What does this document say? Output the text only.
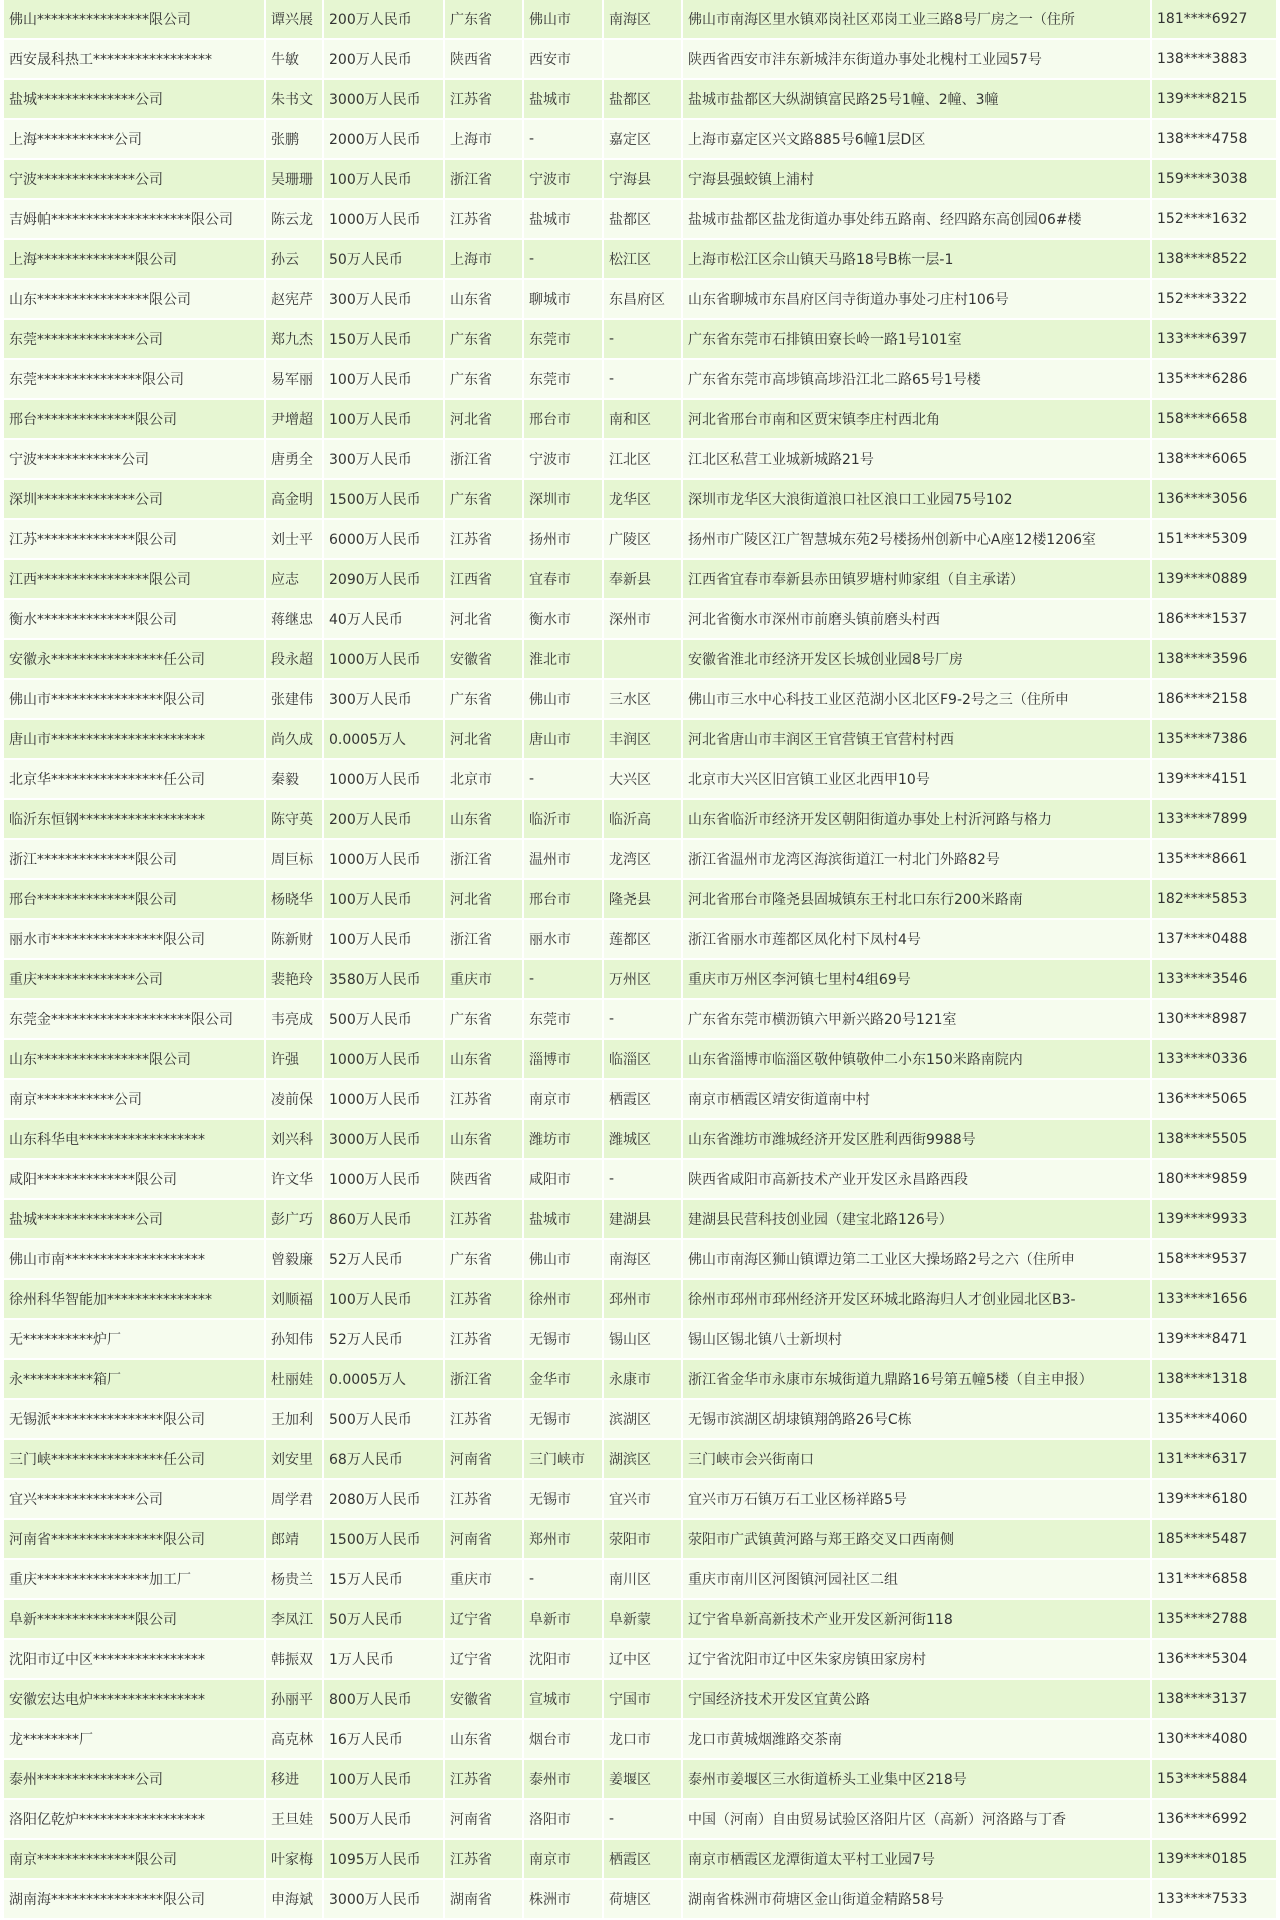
佛山****************限公司	谭兴展	200万人民币	广东省	佛山市	南海区	佛山市南海区里水镇邓岗社区邓岗工业三路8号厂房之一（住所	181****6927
西安晟科热工*****************	牛敏	200万人民币	陕西省	西安市		陕西省西安市沣东新城沣东街道办事处北槐村工业园57号	138****3883
盐城**************公司	朱书文	3000万人民币	江苏省	盐城市	盐都区	盐城市盐都区大纵湖镇富民路25号1幢、2幢、3幢	139****8215
上海***********公司	张鹏	2000万人民币	上海市	-	嘉定区	上海市嘉定区兴文路885号6幢1层D区	138****4758
宁波**************公司	吴珊珊	100万人民币	浙江省	宁波市	宁海县	宁海县强蛟镇上浦村	159****3038
吉姆帕********************限公司	陈云龙	1000万人民币	江苏省	盐城市	盐都区	盐城市盐都区盐龙街道办事处纬五路南、经四路东高创园06#楼	152****1632
上海**************限公司	孙云	50万人民币	上海市	-	松江区	上海市松江区佘山镇天马路18号B栋一层-1	138****8522
山东****************限公司	赵宪芹	300万人民币	山东省	聊城市	东昌府区	山东省聊城市东昌府区闫寺街道办事处刁庄村106号	152****3322
东莞**************公司	郑九杰	150万人民币	广东省	东莞市	-	广东省东莞市石排镇田寮长岭一路1号101室	133****6397
东莞***************限公司	易军丽	100万人民币	广东省	东莞市	-	广东省东莞市高埗镇高埗沿江北二路65号1号楼	135****6286
邢台**************限公司	尹增超	100万人民币	河北省	邢台市	南和区	河北省邢台市南和区贾宋镇李庄村西北角	158****6658
宁波************公司	唐勇全	300万人民币	浙江省	宁波市	江北区	江北区私营工业城新城路21号	138****6065
深圳**************公司	高金明	1500万人民币	广东省	深圳市	龙华区	深圳市龙华区大浪街道浪口社区浪口工业园75号102	136****3056
江苏**************限公司	刘士平	6000万人民币	江苏省	扬州市	广陵区	扬州市广陵区江广智慧城东苑2号楼扬州创新中心A座12楼1206室	151****5309
江西****************限公司	应志	2090万人民币	江西省	宜春市	奉新县	江西省宜春市奉新县赤田镇罗塘村帅家组（自主承诺）	139****0889
衡水**************限公司	蒋继忠	40万人民币	河北省	衡水市	深州市	河北省衡水市深州市前磨头镇前磨头村西	186****1537
安徽永****************任公司	段永超	1000万人民币	安徽省	淮北市		安徽省淮北市经济开发区长城创业园8号厂房	138****3596
佛山市****************限公司	张建伟	300万人民币	广东省	佛山市	三水区	佛山市三水中心科技工业区范湖小区北区F9-2号之三（住所申	186****2158
唐山市**********************	尚久成	0.0005万人	河北省	唐山市	丰润区	河北省唐山市丰润区王官营镇王官营村村西	135****7386
北京华****************任公司	秦毅	1000万人民币	北京市	-	大兴区	北京市大兴区旧宫镇工业区北西甲10号	139****4151
临沂东恒钢******************	陈守英	200万人民币	山东省	临沂市	临沂高	山东省临沂市经济开发区朝阳街道办事处上村沂河路与格力	133****7899
浙江**************限公司	周巨标	1000万人民币	浙江省	温州市	龙湾区	浙江省温州市龙湾区海滨街道江一村北门外路82号	135****8661
邢台**************限公司	杨晓华	100万人民币	河北省	邢台市	隆尧县	河北省邢台市隆尧县固城镇东王村北口东行200米路南	182****5853
丽水市****************限公司	陈新财	100万人民币	浙江省	丽水市	莲都区	浙江省丽水市莲都区凤化村下凤村4号	137****0488
重庆**************公司	裴艳玲	3580万人民币	重庆市	-	万州区	重庆市万州区李河镇七里村4组69号	133****3546
东莞金********************限公司	韦亮成	500万人民币	广东省	东莞市	-	广东省东莞市横沥镇六甲新兴路20号121室	130****8987
山东****************限公司	许强	1000万人民币	山东省	淄博市	临淄区	山东省淄博市临淄区敬仲镇敬仲二小东150米路南院内	133****0336
南京***********公司	凌前保	1000万人民币	江苏省	南京市	栖霞区	南京市栖霞区靖安街道南中村	136****5065
山东科华电******************	刘兴科	3000万人民币	山东省	潍坊市	潍城区	山东省潍坊市潍城经济开发区胜利西街9988号	138****5505
咸阳**************限公司	许文华	1000万人民币	陕西省	咸阳市	-	陕西省咸阳市高新技术产业开发区永昌路西段	180****9859
盐城**************公司	彭广巧	860万人民币	江苏省	盐城市	建湖县	建湖县民营科技创业园（建宝北路126号）	139****9933
佛山市南********************	曾毅廉	52万人民币	广东省	佛山市	南海区	佛山市南海区狮山镇谭边第二工业区大操场路2号之六（住所申	158****9537
徐州科华智能加***************	刘顺福	100万人民币	江苏省	徐州市	邳州市	徐州市邳州市邳州经济开发区环城北路海归人才创业园北区B3-	133****1656
无**********炉厂	孙知伟	52万人民币	江苏省	无锡市	锡山区	锡山区锡北镇八士新坝村	139****8471
永**********箱厂	杜丽娃	0.0005万人	浙江省	金华市	永康市	浙江省金华市永康市东城街道九鼎路16号第五幢5楼（自主申报）	138****1318
无锡派****************限公司	王加利	500万人民币	江苏省	无锡市	滨湖区	无锡市滨湖区胡埭镇翔鸽路26号C栋	135****4060
三门峡****************任公司	刘安里	68万人民币	河南省	三门峡市	湖滨区	三门峡市会兴街南口	131****6317
宜兴**************公司	周学君	2080万人民币	江苏省	无锡市	宜兴市	宜兴市万石镇万石工业区杨祥路5号	139****6180
河南省****************限公司	郎靖	1500万人民币	河南省	郑州市	荥阳市	荥阳市广武镇黄河路与郑王路交叉口西南侧	185****5487
重庆****************加工厂	杨贵兰	15万人民币	重庆市	-	南川区	重庆市南川区河图镇河园社区二组	131****6858
阜新**************限公司	李凤江	50万人民币	辽宁省	阜新市	阜新蒙	辽宁省阜新高新技术产业开发区新河街118	135****2788
沈阳市辽中区****************	韩振双	1万人民币	辽宁省	沈阳市	辽中区	辽宁省沈阳市辽中区朱家房镇田家房村	136****5304
安徽宏达电炉****************	孙丽平	800万人民币	安徽省	宣城市	宁国市	宁国经济技术开发区宜黄公路	138****3137
龙********厂	高克林	16万人民币	山东省	烟台市	龙口市	龙口市黄城烟潍路交茶南	130****4080
泰州**************公司	移进	100万人民币	江苏省	泰州市	姜堰区	泰州市姜堰区三水街道桥头工业集中区218号	153****5884
洛阳亿乾炉******************	王旦娃	500万人民币	河南省	洛阳市	-	中国（河南）自由贸易试验区洛阳片区（高新）河洛路与丁香	136****6992
南京**************限公司	叶家梅	1095万人民币	江苏省	南京市	栖霞区	南京市栖霞区龙潭街道太平村工业园7号	139****0185
湖南海****************限公司	申海斌	3000万人民币	湖南省	株洲市	荷塘区	湖南省株洲市荷塘区金山街道金精路58号	133****7533
